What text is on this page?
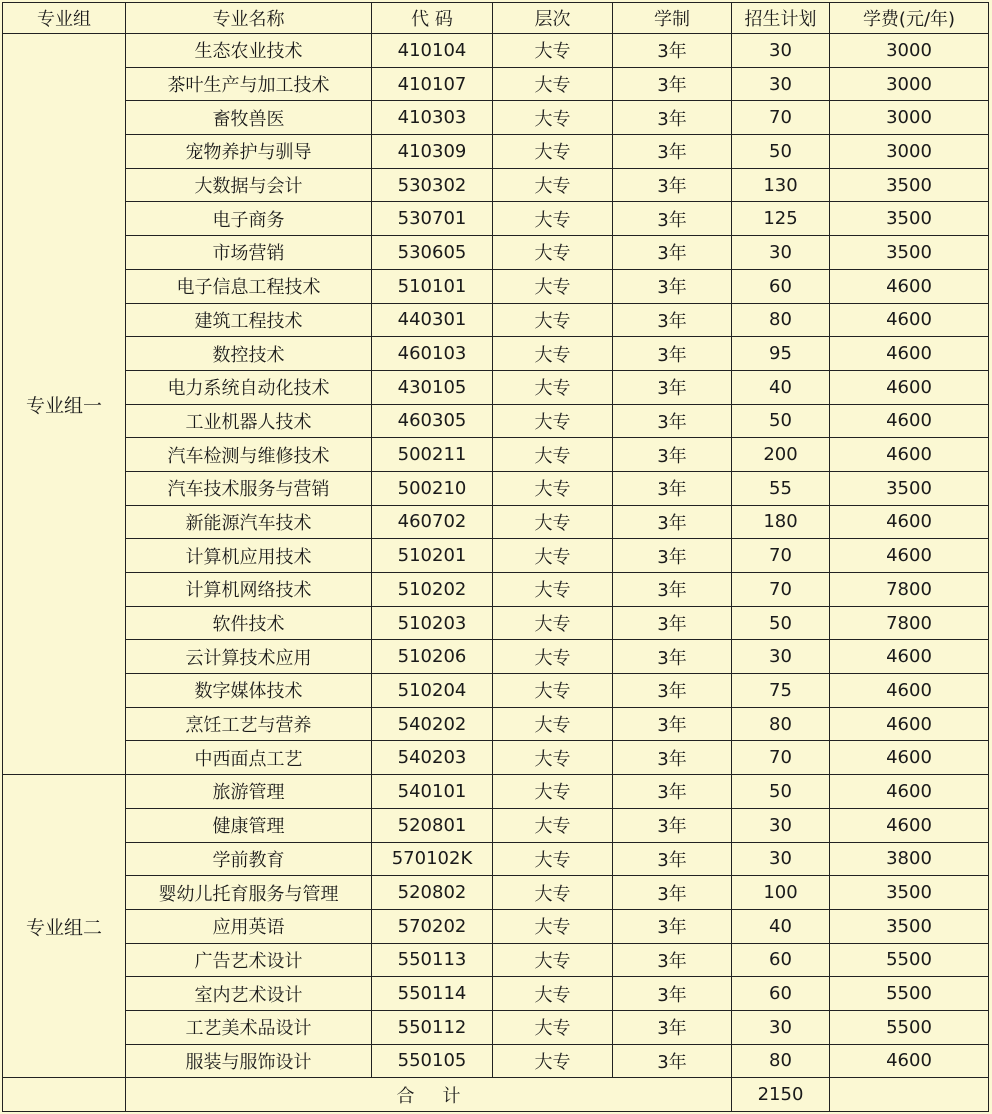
专业组	专业名称	代 码	层次	学制	招生计划	学费(元/年)
专业组一	生态农业技术	410104	大专	3年	30	3000
	茶叶生产与加工技术	410107	大专	3年	30	3000
	畜牧兽医	410303	大专	3年	70	3000
	宠物养护与驯导	410309	大专	3年	50	3000
	大数据与会计	530302	大专	3年	130	3500
	电子商务	530701	大专	3年	125	3500
	市场营销	530605	大专	3年	30	3500
	电子信息工程技术	510101	大专	3年	60	4600
	建筑工程技术	440301	大专	3年	80	4600
	数控技术	460103	大专	3年	95	4600
	电力系统自动化技术	430105	大专	3年	40	4600
	工业机器人技术	460305	大专	3年	50	4600
	汽车检测与维修技术	500211	大专	3年	200	4600
	汽车技术服务与营销	500210	大专	3年	55	3500
	新能源汽车技术	460702	大专	3年	180	4600
	计算机应用技术	510201	大专	3年	70	4600
	计算机网络技术	510202	大专	3年	70	7800
	软件技术	510203	大专	3年	50	7800
	云计算技术应用	510206	大专	3年	30	4600
	数字媒体技术	510204	大专	3年	75	4600
	烹饪工艺与营养	540202	大专	3年	80	4600
	中西面点工艺	540203	大专	3年	70	4600
专业组二	旅游管理	540101	大专	3年	50	4600
	健康管理	520801	大专	3年	30	4600
	学前教育	570102K	大专	3年	30	3800
	婴幼儿托育服务与管理	520802	大专	3年	100	3500
	应用英语	570202	大专	3年	40	3500
	广告艺术设计	550113	大专	3年	60	5500
	室内艺术设计	550114	大专	3年	60	5500
	工艺美术品设计	550112	大专	3年	30	5500
	服装与服饰设计	550105	大专	3年	80	4600
	合计				2150	
